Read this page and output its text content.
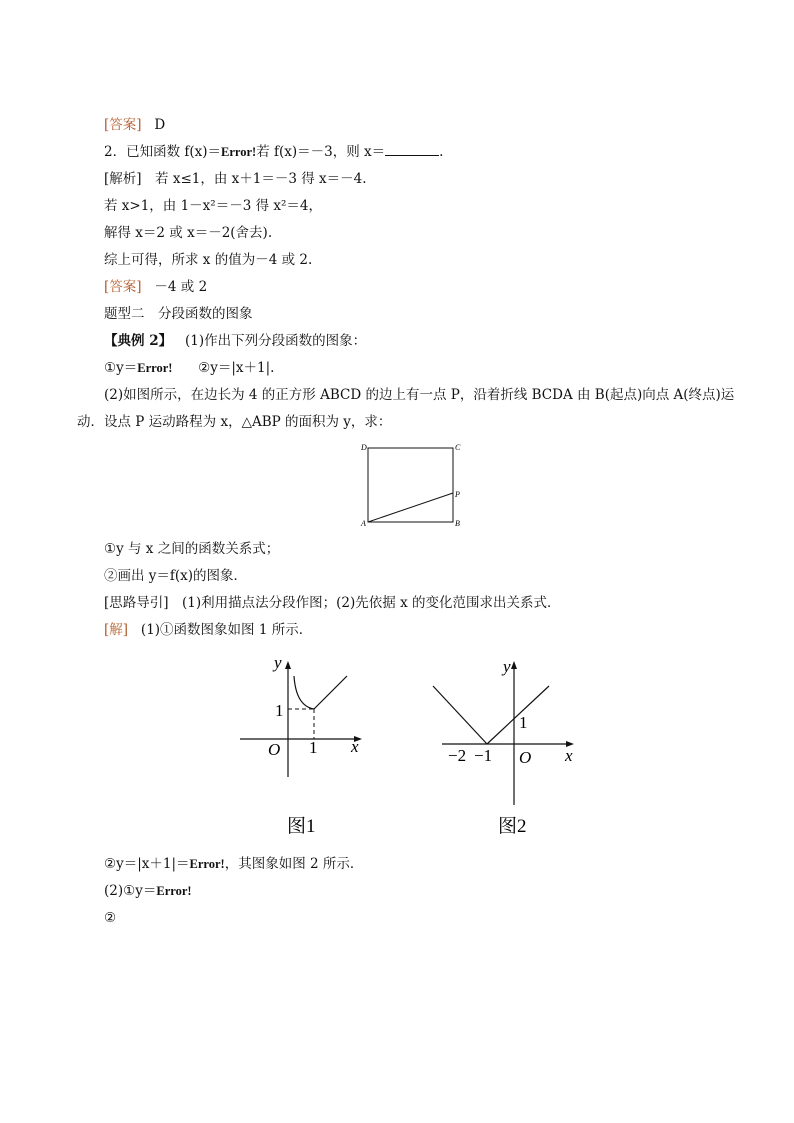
[答案] D
2．已知函数 f(x)＝Error!若 f(x)＝－3，则 x＝	.
[解析]　若 x≤1，由 x＋1＝－3 得 x＝－4.
若 x>1，由 1－x²＝－3 得 x²＝4，
解得 x＝2 或 x＝－2(舍去).
综上可得，所求 x 的值为－4 或 2.
[答案] －4 或 2
题型二　分段函数的图象
【典例 2】 (1)作出下列分段函数的图象：
①y＝Error! ②y＝|x＋1|.
(2)如图所示，在边长为 4 的正方形 ABCD 的边上有一点 P，沿着折线 BCDA 由 B(起点)向点 A(终点)运
动．设点 P 运动路程为 x，△ABP 的面积为 y，求：
D	C
P
A	B
①y 与 x 之间的函数关系式；
②画出 y＝f(x)的图象．
[思路导引]　(1)利用描点法分段作图；(2)先依据 x 的变化范围求出关系式．
[解] (1)①函数图象如图 1 所示．
y
x
O 1
1
图1
y
x
O
−2 −1
1
图2
②y＝|x＋1|＝Error!，其图象如图 2 所示．
(2)①y＝Error!
②
